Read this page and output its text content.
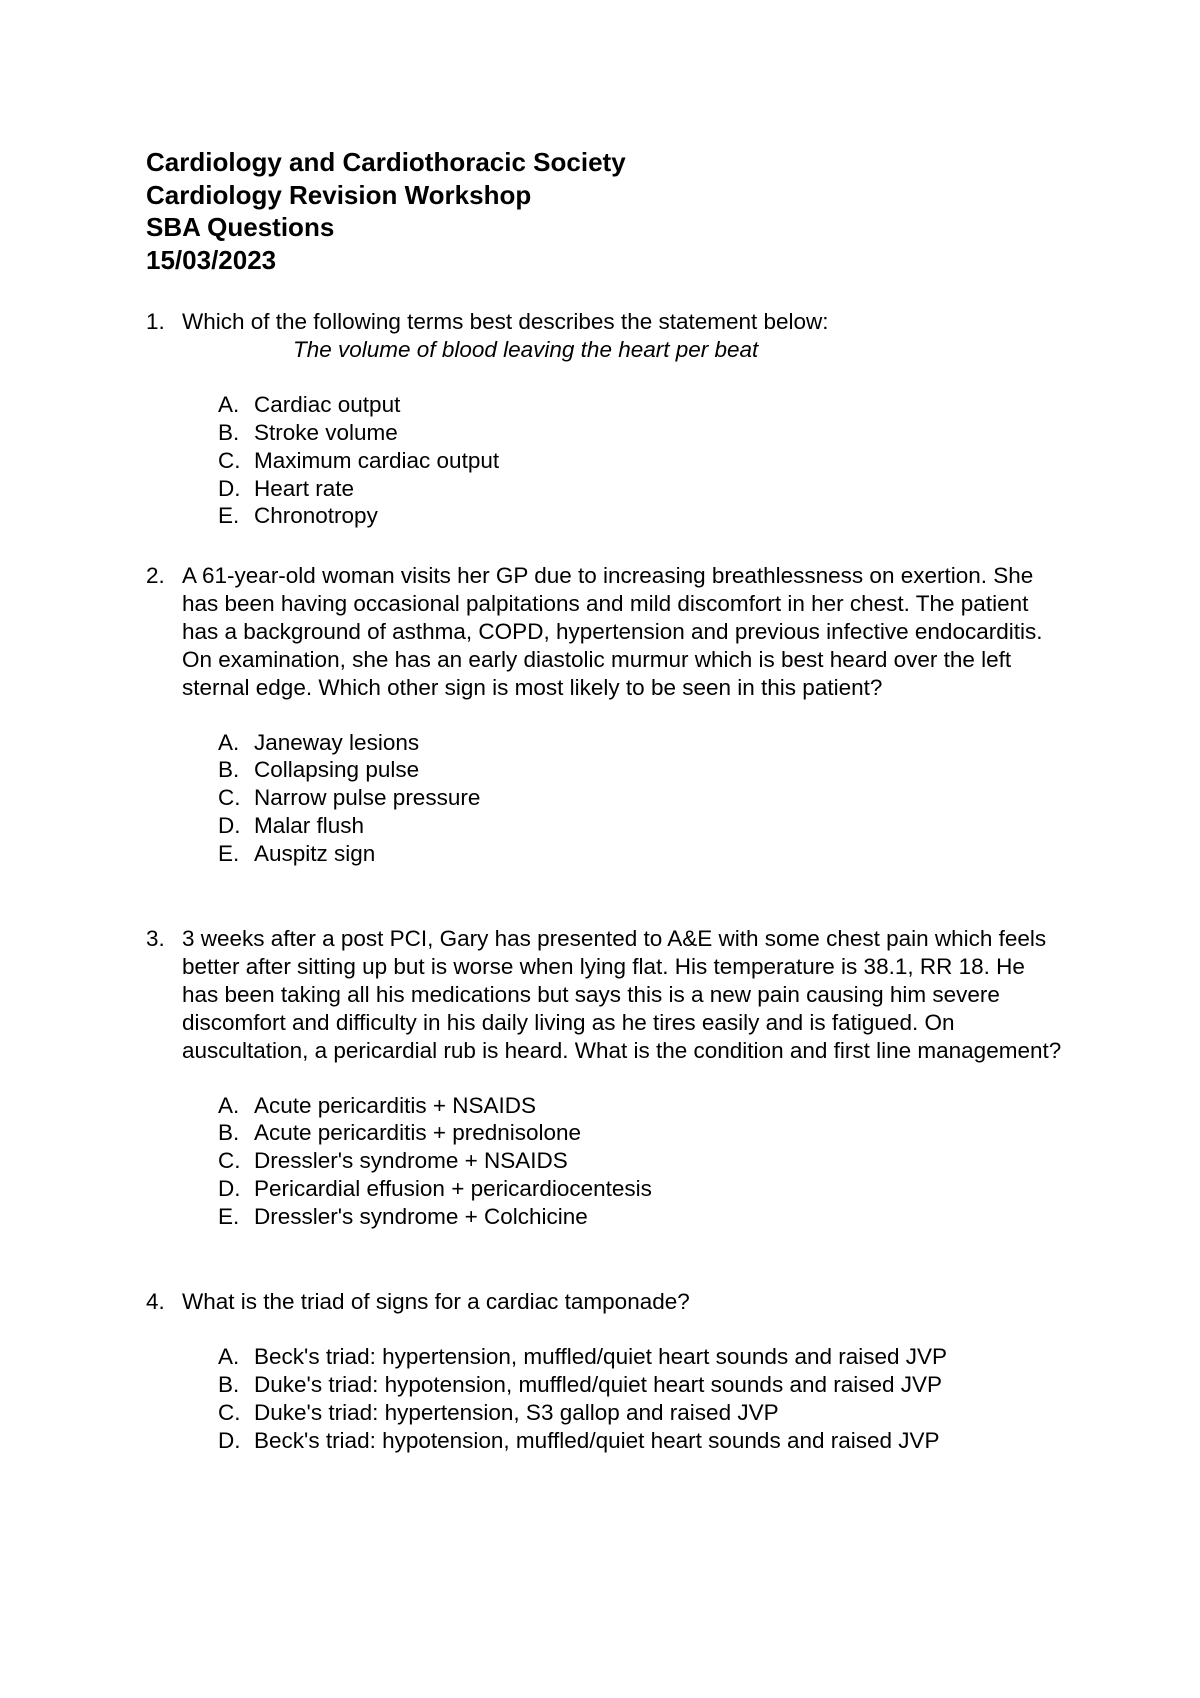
Cardiology and Cardiothoracic Society
Cardiology Revision Workshop
SBA Questions
15/03/2023
1. Which of the following terms best describes the statement below:
The volume of blood leaving the heart per beat
A. Cardiac output
B. Stroke volume
C. Maximum cardiac output
D. Heart rate
E. Chronotropy
2. A 61-year-old woman visits her GP due to increasing breathlessness on exertion. She has been having occasional palpitations and mild discomfort in her chest. The patient has a background of asthma, COPD, hypertension and previous infective endocarditis. On examination, she has an early diastolic murmur which is best heard over the left sternal edge. Which other sign is most likely to be seen in this patient?
A. Janeway lesions
B. Collapsing pulse
C. Narrow pulse pressure
D. Malar flush
E. Auspitz sign
3. 3 weeks after a post PCI, Gary has presented to A&E with some chest pain which feels better after sitting up but is worse when lying flat. His temperature is 38.1, RR 18. He has been taking all his medications but says this is a new pain causing him severe discomfort and difficulty in his daily living as he tires easily and is fatigued. On auscultation, a pericardial rub is heard. What is the condition and first line management?
A. Acute pericarditis + NSAIDS
B. Acute pericarditis + prednisolone
C. Dressler's syndrome + NSAIDS
D. Pericardial effusion + pericardiocentesis
E. Dressler's syndrome + Colchicine
4. What is the triad of signs for a cardiac tamponade?
A. Beck's triad: hypertension, muffled/quiet heart sounds and raised JVP
B. Duke's triad: hypotension, muffled/quiet heart sounds and raised JVP
C. Duke's triad: hypertension, S3 gallop and raised JVP
D. Beck's triad: hypotension, muffled/quiet heart sounds and raised JVP
